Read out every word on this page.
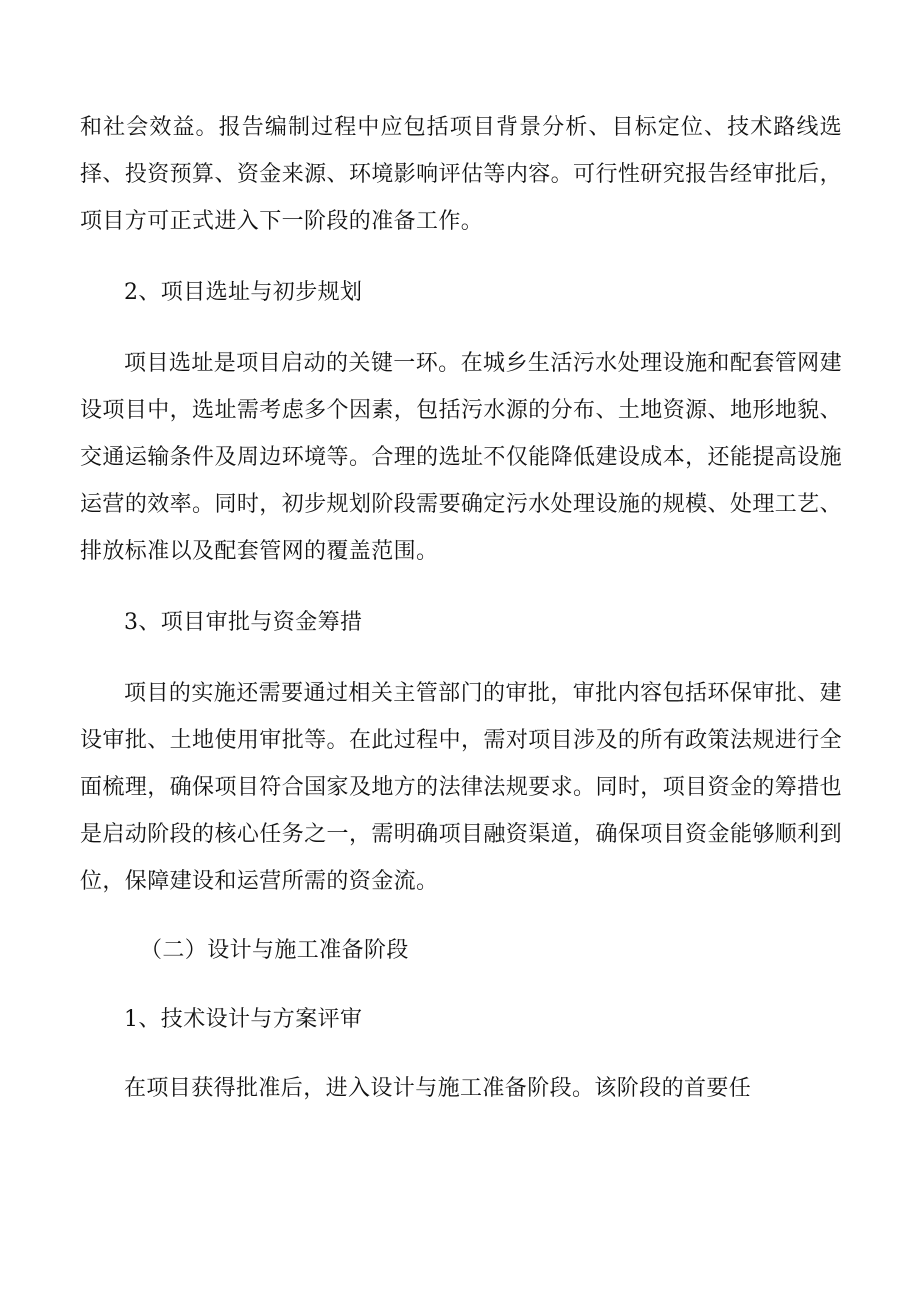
和社会效益。报告编制过程中应包括项目背景分析、目标定位、技术路线选择、投资预算、资金来源、环境影响评估等内容。可行性研究报告经审批后，项目方可正式进入下一阶段的准备工作。

2、项目选址与初步规划

项目选址是项目启动的关键一环。在城乡生活污水处理设施和配套管网建设项目中，选址需考虑多个因素，包括污水源的分布、土地资源、地形地貌、交通运输条件及周边环境等。合理的选址不仅能降低建设成本，还能提高设施运营的效率。同时，初步规划阶段需要确定污水处理设施的规模、处理工艺、排放标准以及配套管网的覆盖范围。

3、项目审批与资金筹措

项目的实施还需要通过相关主管部门的审批，审批内容包括环保审批、建设审批、土地使用审批等。在此过程中，需对项目涉及的所有政策法规进行全面梳理，确保项目符合国家及地方的法律法规要求。同时，项目资金的筹措也是启动阶段的核心任务之一，需明确项目融资渠道，确保项目资金能够顺利到位，保障建设和运营所需的资金流。

（二）设计与施工准备阶段

1、技术设计与方案评审

在项目获得批准后，进入设计与施工准备阶段。该阶段的首要任
